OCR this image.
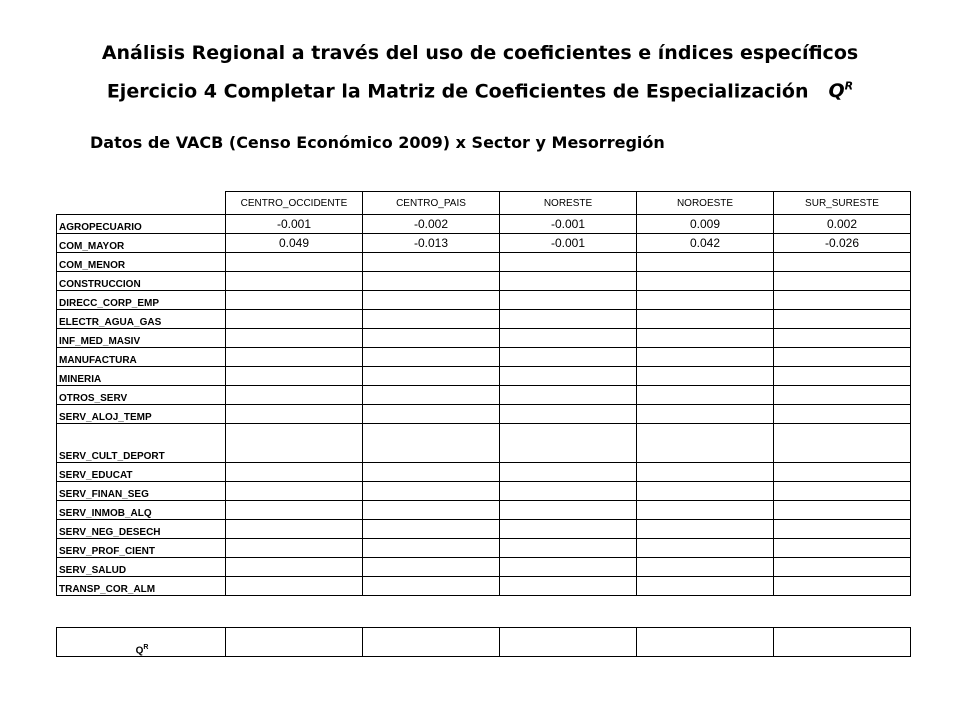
Análisis Regional a través del uso de coeficientes e índices específicos
Ejercicio 4 Completar la Matriz de Coeficientes de Especialización $Q^R$
Datos de VACB (Censo Económico 2009) x Sector y Mesorregión
	CENTRO_OCCIDENTE	CENTRO_PAIS	NORESTE	NOROESTE	SUR_SURESTE
AGROPECUARIO	-0.001	-0.002	-0.001	0.009	0.002
COM_MAYOR	0.049	-0.013	-0.001	0.042	-0.026
COM_MENOR					
CONSTRUCCION					
DIRECC_CORP_EMP					
ELECTR_AGUA_GAS					
INF_MED_MASIV					
MANUFACTURA					
MINERIA					
OTROS_SERV					
SERV_ALOJ_TEMP					
SERV_CULT_DEPORT					
SERV_EDUCAT					
SERV_FINAN_SEG					
SERV_INMOB_ALQ					
SERV_NEG_DESECH					
SERV_PROF_CIENT					
SERV_SALUD					
TRANSP_COR_ALM					
$Q^R$					
